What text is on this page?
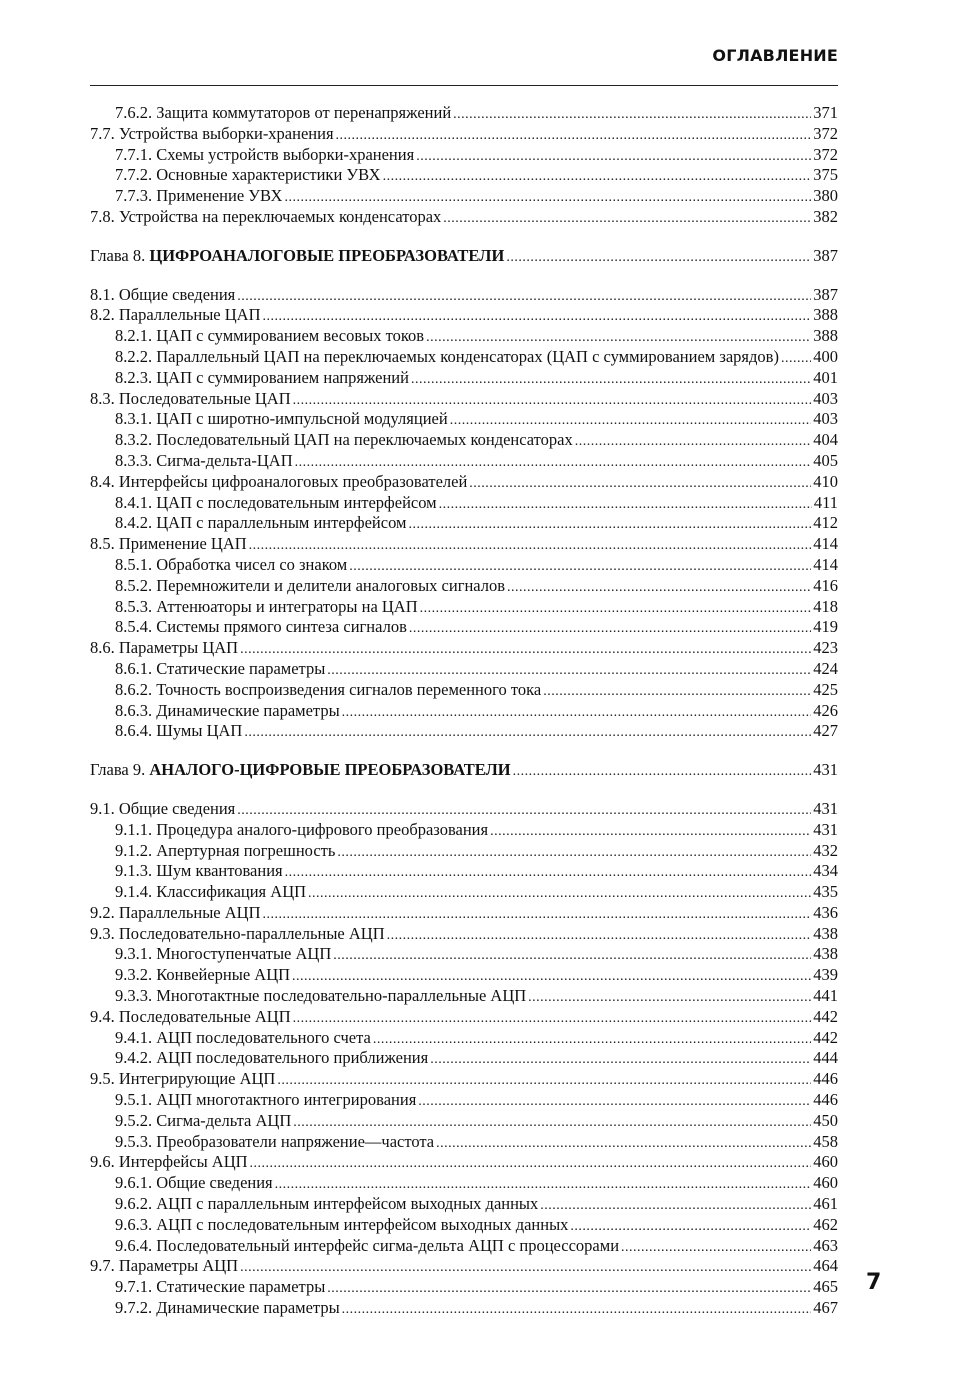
ОГЛАВЛЕНИЕ
7.6.2. Защита коммутаторов от перенапряжений .....	371
7.7. Устройства выборки-хранения .....	372
7.7.1. Схемы устройств выборки-хранения .....	372
7.7.2. Основные характеристики УВХ .....	375
7.7.3. Применение УВХ .....	380
7.8. Устройства на переключаемых конденсаторах .....	382
Глава 8. ЦИФРОАНАЛОГОВЫЕ ПРЕОБРАЗОВАТЕЛИ .....	387
8.1. Общие сведения .....	387
8.2. Параллельные ЦАП .....	388
8.2.1. ЦАП с суммированием весовых токов .....	388
8.2.2. Параллельный ЦАП на переключаемых конденсаторах (ЦАП с суммированием зарядов) ..... 400
8.2.3. ЦАП с суммированием напряжений .....	401
8.3. Последовательные ЦАП .....	403
8.3.1. ЦАП с широтно-импульсной модуляцией .....	403
8.3.2. Последовательный ЦАП на переключаемых конденсаторах .....	404
8.3.3. Сигма-дельта-ЦАП .....	405
8.4. Интерфейсы цифроаналоговых преобразователей .....	410
8.4.1. ЦАП с последовательным интерфейсом .....	411
8.4.2. ЦАП с параллельным интерфейсом .....	412
8.5. Применение ЦАП .....	414
8.5.1. Обработка чисел со знаком .....	414
8.5.2. Перемножители и делители аналоговых сигналов .....	416
8.5.3. Аттенюаторы и интеграторы на ЦАП .....	418
8.5.4. Системы прямого синтеза сигналов .....	419
8.6. Параметры ЦАП .....	423
8.6.1. Статические параметры .....	424
8.6.2. Точность воспроизведения сигналов переменного тока .....	425
8.6.3. Динамические параметры .....	426
8.6.4. Шумы ЦАП .....	427
Глава 9. АНАЛОГО-ЦИФРОВЫЕ ПРЕОБРАЗОВАТЕЛИ .....	431
9.1. Общие сведения .....	431
9.1.1. Процедура аналого-цифрового преобразования .....	431
9.1.2. Апертурная погрешность .....	432
9.1.3. Шум квантования .....	434
9.1.4. Классификация АЦП .....	435
9.2. Параллельные АЦП .....	436
9.3. Последовательно-параллельные АЦП .....	438
9.3.1. Многоступенчатые АЦП .....	438
9.3.2. Конвейерные АЦП .....	439
9.3.3. Многотактные последовательно-параллельные АЦП .....	441
9.4. Последовательные АЦП .....	442
9.4.1. АЦП последовательного счета .....	442
9.4.2. АЦП последовательного приближения .....	444
9.5. Интегрирующие АЦП .....	446
9.5.1. АЦП многотактного интегрирования .....	446
9.5.2. Сигма-дельта АЦП .....	450
9.5.3. Преобразователи напряжение—частота .....	458
9.6. Интерфейсы АЦП .....	460
9.6.1. Общие сведения .....	460
9.6.2. АЦП с параллельным интерфейсом выходных данных .....	461
9.6.3. АЦП с последовательным интерфейсом выходных данных .....	462
9.6.4. Последовательный интерфейс сигма-дельта АЦП с процессорами .....	463
9.7. Параметры АЦП .....	464
9.7.1. Статические параметры .....	465
9.7.2. Динамические параметры .....	467
7
